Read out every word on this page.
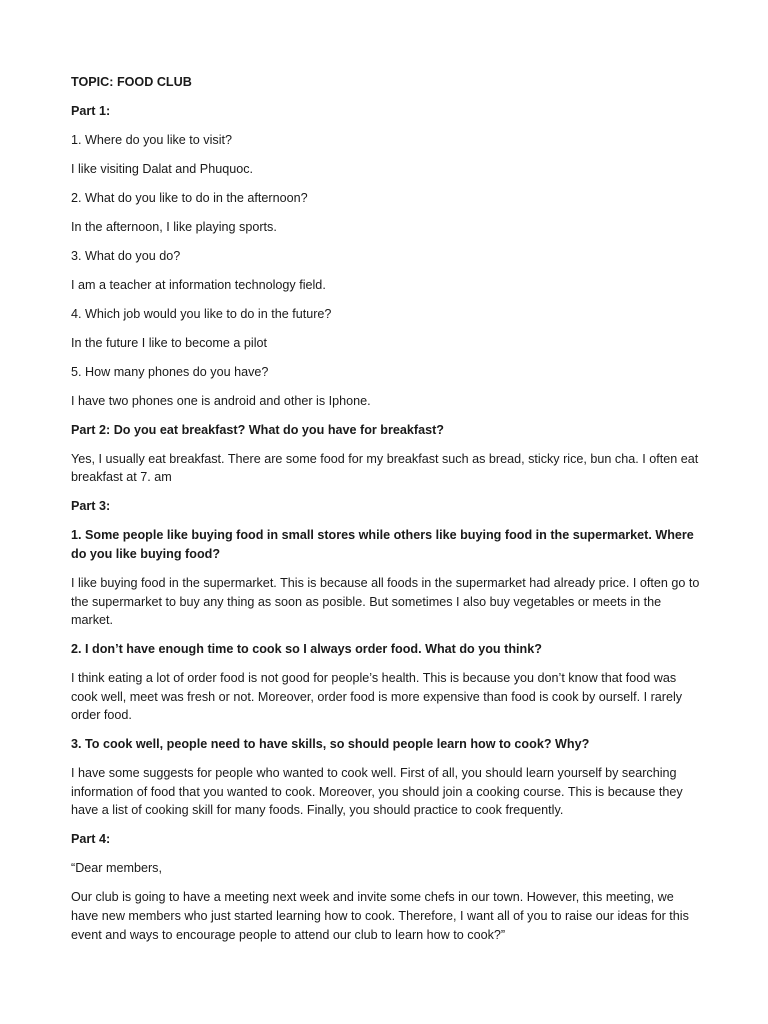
TOPIC: FOOD CLUB

Part 1:

1. Where do you like to visit?

I like visiting Dalat and Phuquoc.

2. What do you like to do in the afternoon?

In the afternoon, I like playing sports.

3. What do you do?

I am a teacher at information technology field.

4. Which job would you like to do in the future?

In the future I like to become a pilot

5. How many phones do you have?

I have two phones one is android and other is Iphone.

Part 2: Do you eat breakfast? What do you have for breakfast?

Yes, I usually eat breakfast. There are some food for my breakfast such as bread, sticky rice, bun cha. I often eat breakfast at 7. am

Part 3:

1. Some people like buying food in small stores while others like buying food in the supermarket. Where do you like buying food?

I like buying food in the supermarket. This is because all foods in the supermarket had already price. I often go to the supermarket to buy any thing as soon as posible. But sometimes I also buy vegetables or meets in the market.

2. I don’t have enough time to cook so I always order food. What do you think?

I think eating a lot of order food is not good for people’s health. This is because you don’t know that food was cook well, meet was fresh or not. Moreover, order food is more expensive than food is cook by ourself. I rarely order food.

3. To cook well, people need to have skills, so should people learn how to cook? Why?

I have some suggests for people who wanted to cook well. First of all, you should learn yourself by searching information of food that you wanted to cook. Moreover, you should join a cooking course. This is because they have a list of cooking skill for many foods. Finally, you should practice to cook frequently.

Part 4:

“Dear members,

Our club is going to have a meeting next week and invite some chefs in our town. However, this meeting, we have new members who just started learning how to cook. Therefore, I want all of you to raise our ideas for this event and ways to encourage people to attend our club to learn how to cook?”
